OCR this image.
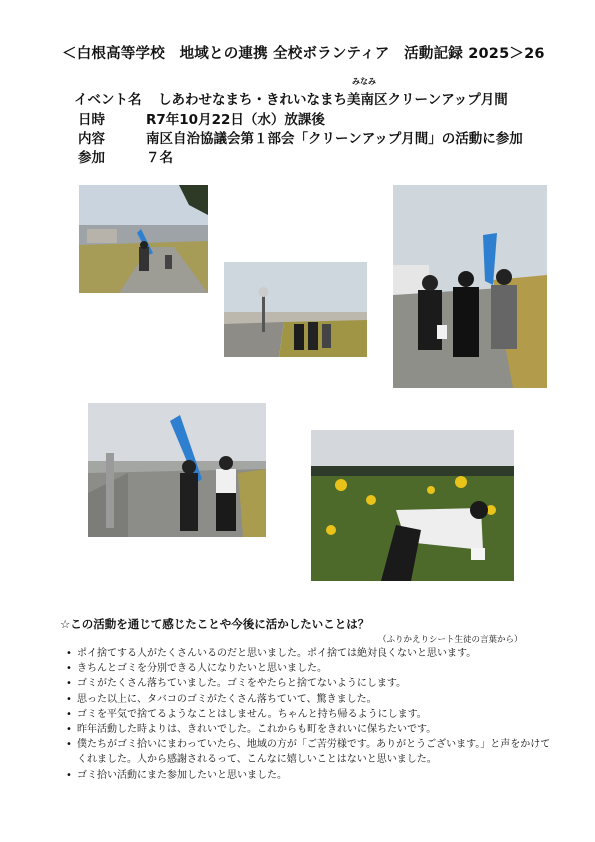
＜白根高等学校　地域との連携 全校ボランティア　活動記録 2025＞26
みなみ
イベント名 しあわせなまち・きれいなまち美南区クリーンアップ月間
日時	R7年10月22日（水）放課後
内容	南区自治協議会第１部会「クリーンアップ月間」の活動に参加
参加	７名
☆この活動を通じて感じたことや今後に活かしたいことは？
（ふりかえりシート生徒の言葉から）
• ポイ捨てする人がたくさんいるのだと思いました。ポイ捨ては絶対良くないと思います。
• きちんとゴミを分別できる人になりたいと思いました。
• ゴミがたくさん落ちていました。ゴミをやたらと捨てないようにします。
• 思った以上に、タバコのゴミがたくさん落ちていて、驚きました。
• ゴミを平気で捨てるようなことはしません。ちゃんと持ち帰るようにします。
• 昨年活動した時よりは、きれいでした。これからも町をきれいに保ちたいです。
• 僕たちがゴミ拾いにまわっていたら、地域の方が「ご苦労様です。ありがとうございます。」と声をかけてくれました。人から感謝されるって、こんなに嬉しいことはないと思いました。
• ゴミ拾い活動にまた参加したいと思いました。
